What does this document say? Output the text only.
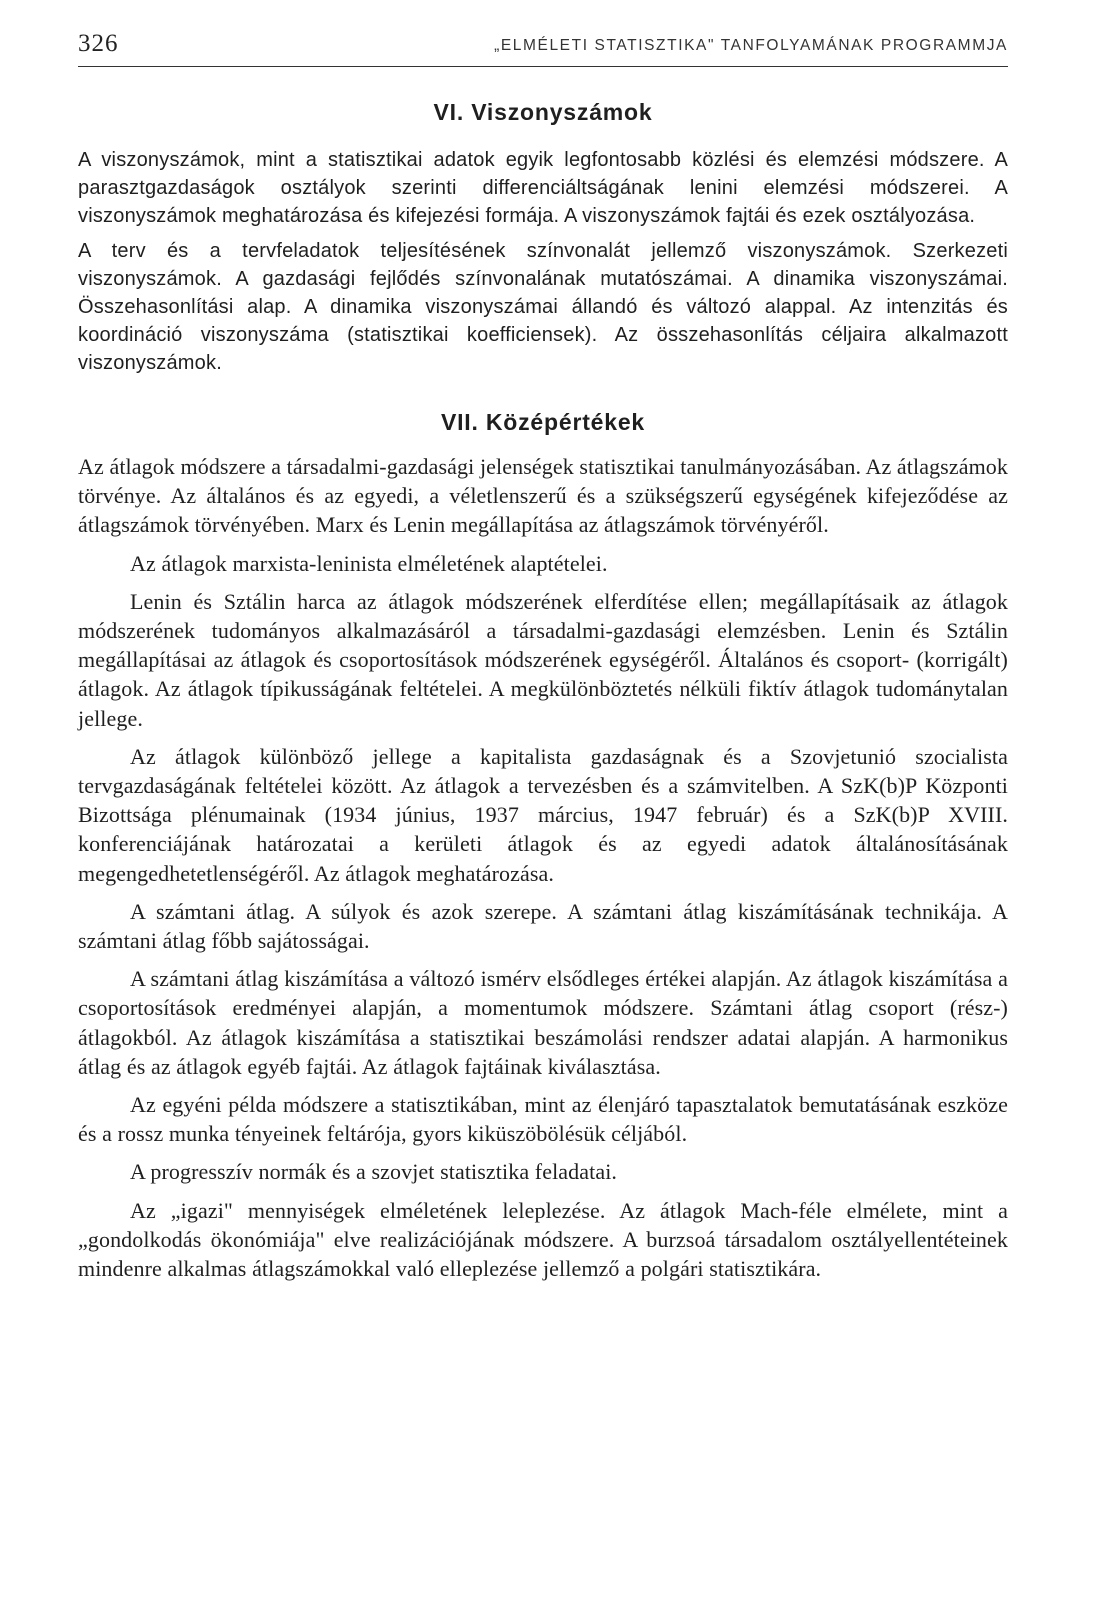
326	„ELMÉLETI STATISZTIKA" TANFOLYAMÁNAK PROGRAMMJA
VI. Viszonyszámok

A viszonyszámok, mint a statisztikai adatok egyik legfontosabb közlési és elemzési módszere. A parasztgazdaságok osztályok szerinti differenciáltságának lenini elemzési módszerei. A viszonyszámok meghatározása és kifejezési formája. A viszonyszámok fajtái és ezek osztályozása.

A terv és a tervfeladatok teljesítésének színvonalát jellemző viszonyszámok. Szerkezeti viszonyszámok. A gazdasági fejlődés színvonalának mutatószámai. A dinamika viszonyszámai. Összehasonlítási alap. A dinamika viszonyszámai állandó és változó alappal. Az intenzitás és koordináció viszonyszáma (statisztikai koefficiensek). Az összehasonlítás céljaira alkalmazott viszonyszámok.

VII. Középértékek

Az átlagok módszere a társadalmi-gazdasági jelenségek statisztikai tanulmányozásában. Az átlagszámok törvénye. Az általános és az egyedi, a véletlenszerű és a szükségszerű egységének kifejeződése az átlagszámok törvényében. Marx és Lenin megállapítása az átlagszámok törvényéről.

Az átlagok marxista-leninista elméletének alaptételei.

Lenin és Sztálin harca az átlagok módszerének elferdítése ellen; megállapításaik az átlagok módszerének tudományos alkalmazásáról a társadalmi-gazdasági elemzésben. Lenin és Sztálin megállapításai az átlagok és csoportosítások módszerének egységéről. Általános és csoport- (korrigált) átlagok. Az átlagok típikusságának feltételei. A megkülönböztetés nélküli fiktív átlagok tudománytalan jellege.

Az átlagok különböző jellege a kapitalista gazdaságnak és a Szovjetunió szocialista tervgazdaságának feltételei között. Az átlagok a tervezésben és a számvitelben. A SzK(b)P Központi Bizottsága plénumainak (1934 június, 1937 március, 1947 február) és a SzK(b)P XVIII. konferenciájának határozatai a kerületi átlagok és az egyedi adatok általánosításának megengedhetetlenségéről. Az átlagok meghatározása.

A számtani átlag. A súlyok és azok szerepe. A számtani átlag kiszámításának technikája. A számtani átlag főbb sajátosságai.

A számtani átlag kiszámítása a változó ismérv elsődleges értékei alapján. Az átlagok kiszámítása a csoportosítások eredményei alapján, a momentumok módszere. Számtani átlag csoport (rész-) átlagokból. Az átlagok kiszámítása a statisztikai beszámolási rendszer adatai alapján. A harmonikus átlag és az átlagok egyéb fajtái. Az átlagok fajtáinak kiválasztása.

Az egyéni példa módszere a statisztikában, mint az élenjáró tapasztalatok bemutatásának eszköze és a rossz munka tényeinek feltárója, gyors kiküszöbölésük céljából.

A progresszív normák és a szovjet statisztika feladatai.

Az „igazi" mennyiségek elméletének leleplezése. Az átlagok Mach-féle elmélete, mint a „gondolkodás ökonómiája" elve realizációjának módszere. A burzsoá társadalom osztályellentéteinek mindenre alkalmas átlagszámokkal való elleplezése jellemző a polgári statisztikára.
